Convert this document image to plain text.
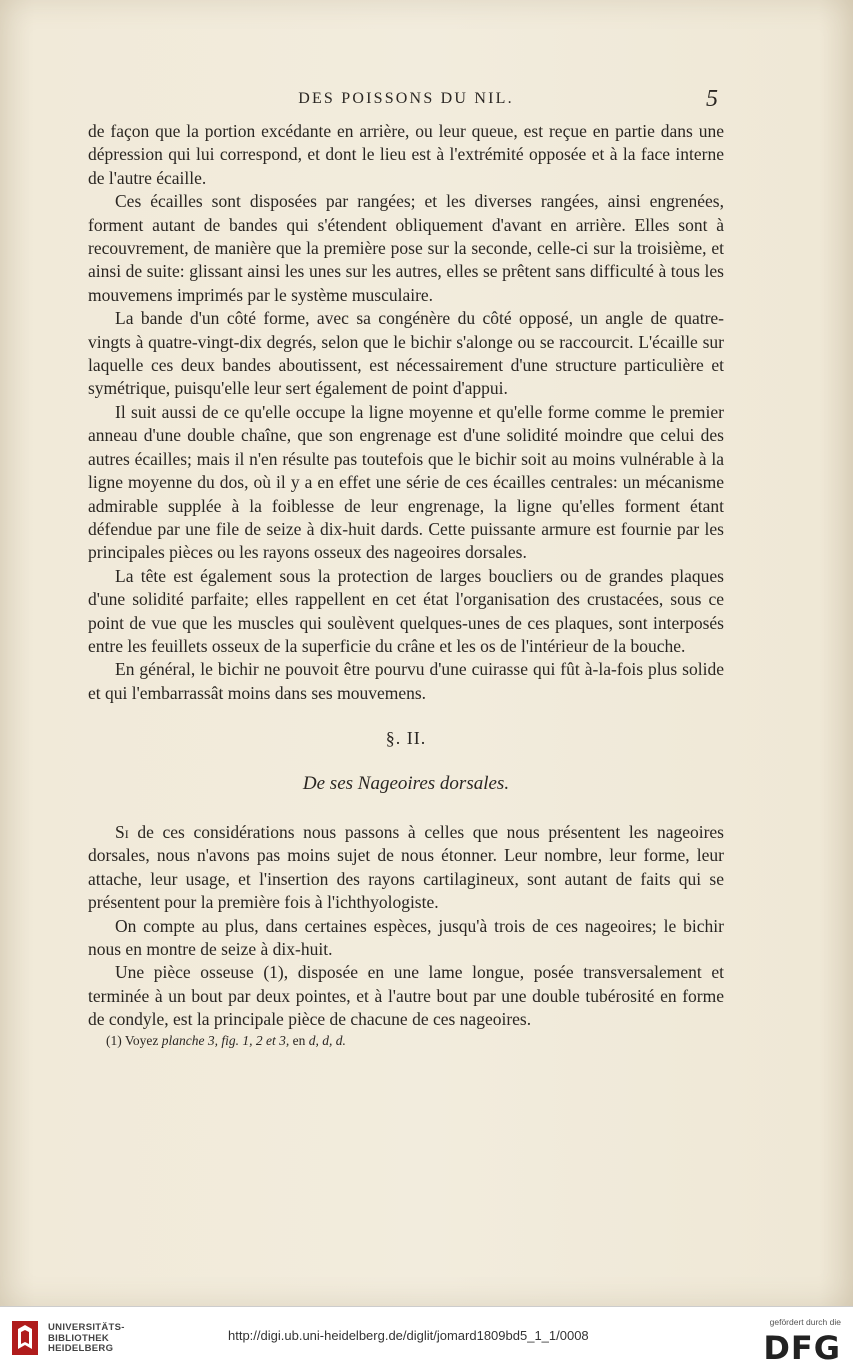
DES POISSONS DU NIL.	5

de façon que la portion excédante en arrière, ou leur queue, est reçue en partie dans une dépression qui lui correspond, et dont le lieu est à l'extrémité opposée et à la face interne de l'autre écaille.

Ces écailles sont disposées par rangées; et les diverses rangées, ainsi engrenées, forment autant de bandes qui s'étendent obliquement d'avant en arrière. Elles sont à recouvrement, de manière que la première pose sur la seconde, celle-ci sur la troisième, et ainsi de suite: glissant ainsi les unes sur les autres, elles se prêtent sans difficulté à tous les mouvemens imprimés par le système musculaire.

La bande d'un côté forme, avec sa congénère du côté opposé, un angle de quatre-vingts à quatre-vingt-dix degrés, selon que le bichir s'alonge ou se raccourcit. L'écaille sur laquelle ces deux bandes aboutissent, est nécessairement d'une structure particulière et symétrique, puisqu'elle leur sert également de point d'appui.

Il suit aussi de ce qu'elle occupe la ligne moyenne et qu'elle forme comme le premier anneau d'une double chaîne, que son engrenage est d'une solidité moindre que celui des autres écailles; mais il n'en résulte pas toutefois que le bichir soit au moins vulnérable à la ligne moyenne du dos, où il y a en effet une série de ces écailles centrales: un mécanisme admirable supplée à la foiblesse de leur engrenage, la ligne qu'elles forment étant défendue par une file de seize à dix-huit dards. Cette puissante armure est fournie par les principales pièces ou les rayons osseux des nageoires dorsales.

La tête est également sous la protection de larges boucliers ou de grandes plaques d'une solidité parfaite; elles rappellent en cet état l'organisation des crustacées, sous ce point de vue que les muscles qui soulèvent quelques-unes de ces plaques, sont interposés entre les feuillets osseux de la superficie du crâne et les os de l'intérieur de la bouche.

En général, le bichir ne pouvoit être pourvu d'une cuirasse qui fût à-la-fois plus solide et qui l'embarrassât moins dans ses mouvemens.

§. II.
De ses Nageoires dorsales.

Si de ces considérations nous passons à celles que nous présentent les nageoires dorsales, nous n'avons pas moins sujet de nous étonner. Leur nombre, leur forme, leur attache, leur usage, et l'insertion des rayons cartilagineux, sont autant de faits qui se présentent pour la première fois à l'ichthyologiste.

On compte au plus, dans certaines espèces, jusqu'à trois de ces nageoires; le bichir nous en montre de seize à dix-huit.

Une pièce osseuse (1), disposée en une lame longue, posée transversalement et terminée à un bout par deux pointes, et à l'autre bout par une double tubérosité en forme de condyle, est la principale pièce de chacune de ces nageoires.

(1) Voyez planche 3, fig. 1, 2 et 3, en d, d, d.

UNIVERSITÄTS-
BIBLIOTHEK
HEIDELBERG
http://digi.ub.uni-heidelberg.de/diglit/jomard1809bd5_1_1/0008
gefördert durch die
DFG
